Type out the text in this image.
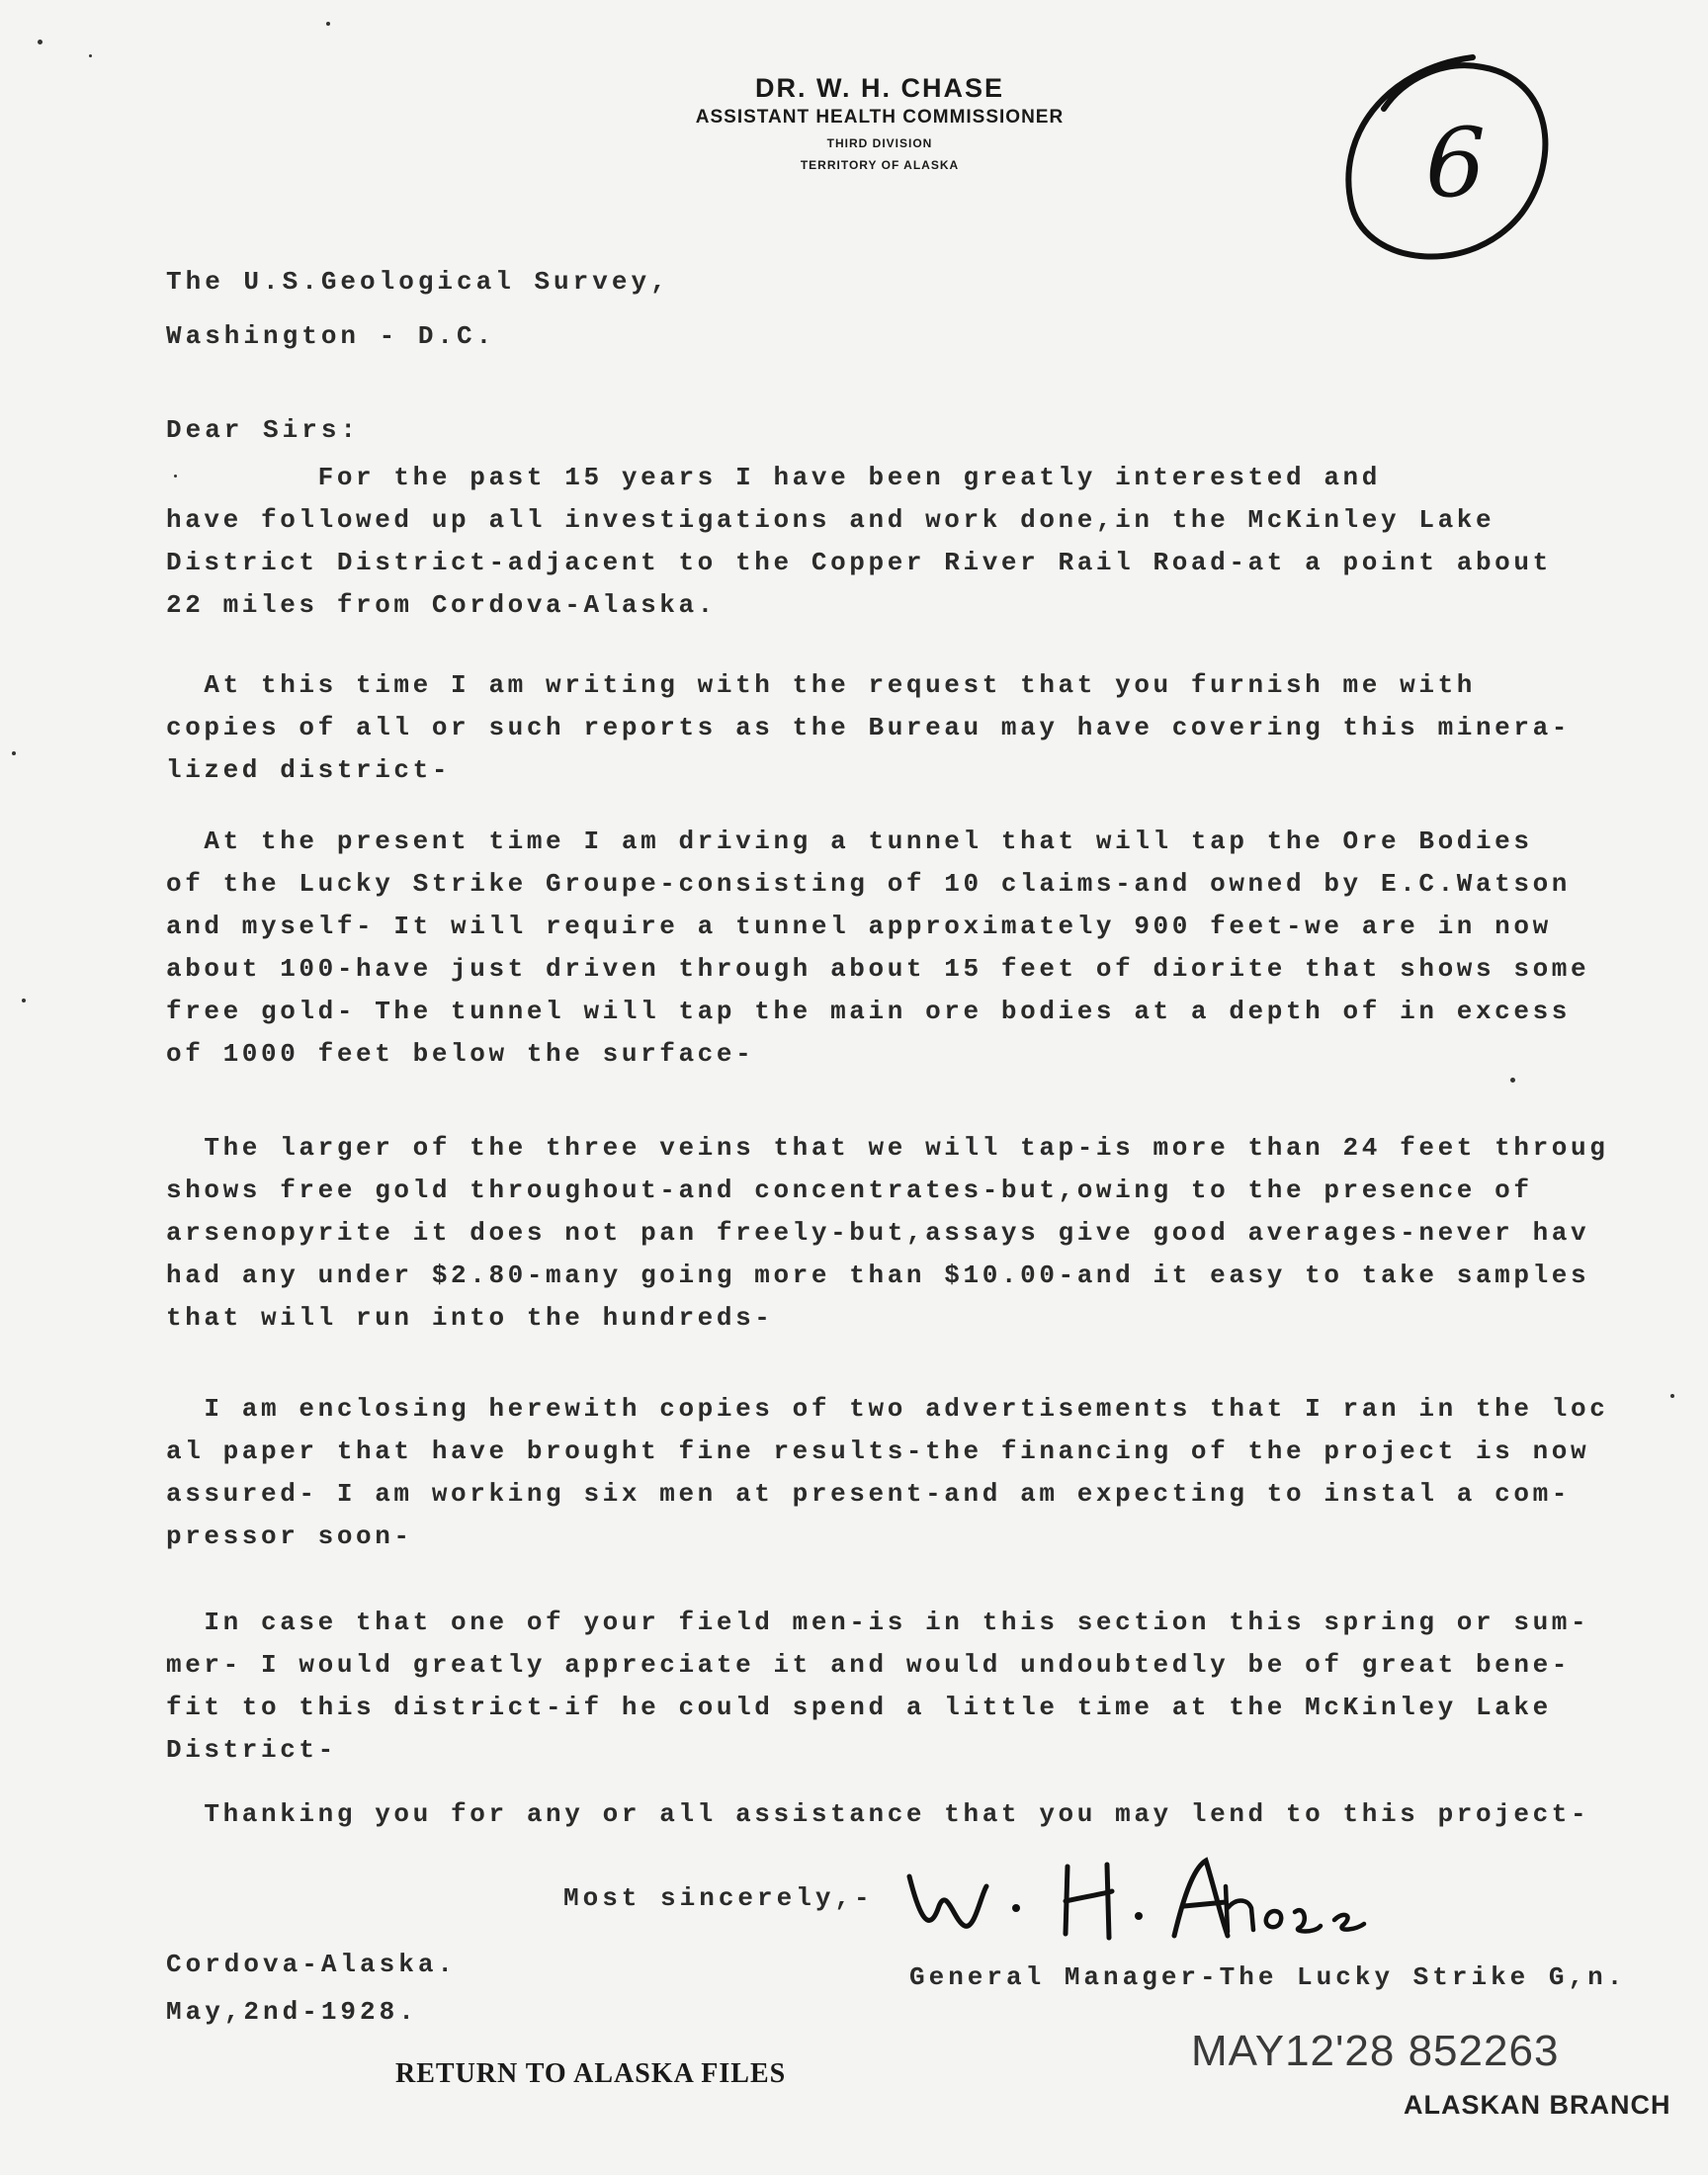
DR. W. H. CHASE
ASSISTANT HEALTH COMMISSIONER
THIRD DIVISION
TERRITORY OF ALASKA	6
The U.S.Geological Survey,
Washington - D.C.
Dear Sirs:
For the past 15 years I have been greatly interested and
have followed up all investigations and work done,in the McKinley Lake
District District-adjacent to the Copper River Rail Road-at a point about
22 miles from Cordova-Alaska.
At this time I am writing with the request that you furnish me with
copies of all or such reports as the Bureau may have covering this minera-
lized district-
At the present time I am driving a tunnel that will tap the Ore Bodies
of the Lucky Strike Groupe-consisting of 10 claims-and owned by E.C.Watson
and myself- It will require a tunnel approximately 900 feet-we are in now
about 100-have just driven through about 15 feet of diorite that shows some
free gold- The tunnel will tap the main ore bodies at a depth of in excess
of 1000 feet below the surface-
The larger of the three veins that we will tap-is more than 24 feet throug
shows free gold throughout-and concentrates-but,owing to the presence of
arsenopyrite it does not pan freely-but,assays give good averages-never hav
had any under $2.80-many going more than $10.00-and it easy to take samples
that will run into the hundreds-
I am enclosing herewith copies of two advertisements that I ran in the loc
al paper that have brought fine results-the financing of the project is now
assured- I am working six men at present-and am expecting to instal a com-
pressor soon-
In case that one of your field men-is in this section this spring or sum-
mer- I would greatly appreciate it and would undoubtedly be of great bene-
fit to this district-if he could spend a little time at the McKinley Lake
District-
Thanking you for any or all assistance that you may lend to this project-
Most sincerely,-
General Manager-The Lucky Strike G,n.
Cordova-Alaska.
May,2nd-1928.
RETURN TO ALASKA FILES	MAY12'28 852263
ALASKAN BRANCH
